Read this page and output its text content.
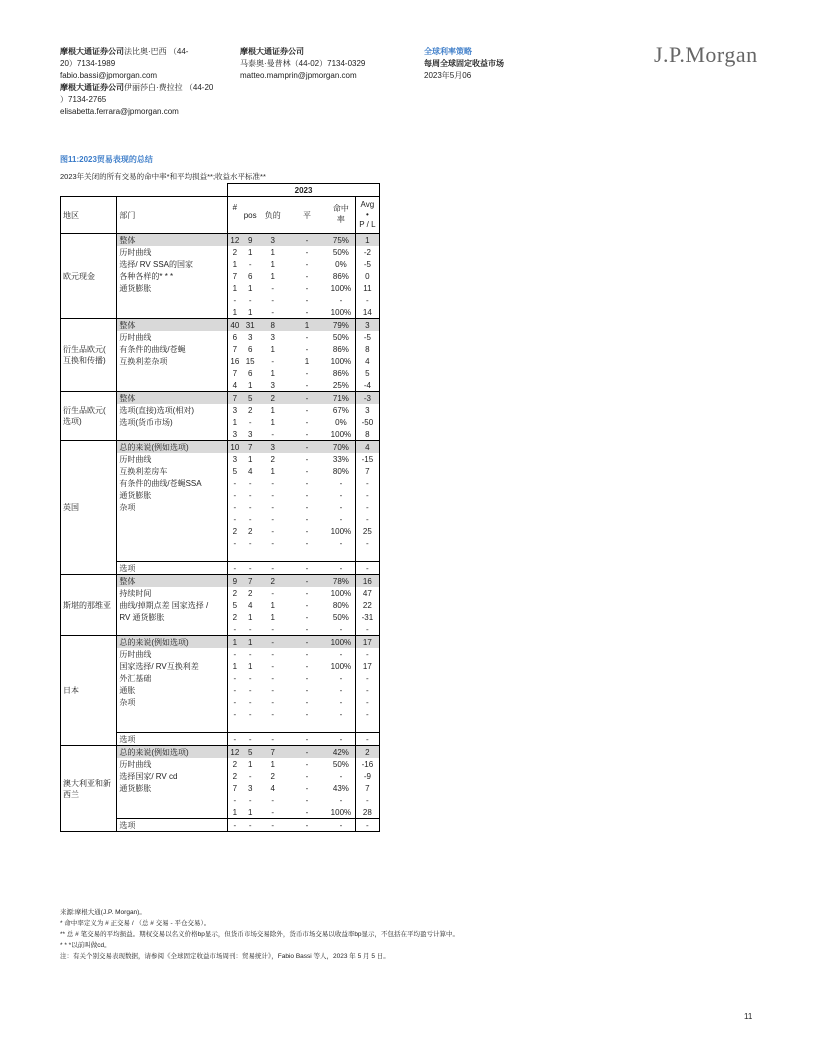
摩根大通证券公司法比奥·巴西 （44-
20）7134-1989
fabio.bassi@jpmorgan.com
摩根大通证券公司伊丽莎白·费拉拉 （44-20
）7134-2765
elisabetta.ferrara@jpmorgan.com
摩根大通证券公司
马泰奥·曼普林（44-02）7134-0329
matteo.mamprin@jpmorgan.com
全球利率策略
每周全球固定收益市场
2023年5月06
J.P.Morgan
图11:2023贸易表现的总结
2023年关闭的所有交易的命中率*和平均损益**;收益水平标准**
		2023					
地区	部门	#	pos	负的	平	命中率	Avg
•
P / L

欧元现金	整体	12	9	3	-	75%	1
	历时曲线	2	1	1	-	50%	-2
	选择/ RV SSA的国家	1	-	1	-	0%	-5
	各种各样的* * *	7	6	1	-	86%	0
	通货膨胀	1	1	-	-	100%	11
		-	-	-	-	-	-
		1	1	-	-	100%	14
衍生品欧元( 互换和传播)	整体	40	31	8	1	79%	3
	历时曲线	6	3	3	-	50%	-5
	有条件的曲线/苍蝇	7	6	1	-	86%	8
	互换利差杂项	16	15	-	1	100%	4
		7	6	1	-	86%	5
		4	1	3	-	25%	-4
衍生品欧元( 选项)	整体	7	5	2	-	71%	-3
	选项(直接)选项(相对)	3	2	1	-	67%	3
	选项(货币市场)	1	-	1	-	0%	-50
		3	3	-	-	100%	8
英国	总的来说(例如选项)	10	7	3	-	70%	4
	历时曲线	3	1	2	-	33%	-15
	互换利差房车	5	4	1	-	80%	7
	有条件的曲线/苍蝇SSA	-	-	-	-	-	-
	通货膨胀	-	-	-	-	-	-
	杂项	-	-	-	-	-	-
		-	-	-	-	-	-
		2	2	-	-	100%	25
		-	-	-	-	-	-

	选项	-	-	-	-	-	-
斯堪的那维亚	整体	9	7	2	-	78%	16
	持续时间	2	2	-	-	100%	47
	曲线/掉期点差 国家选择 /	5	4	1	-	80%	22
	RV 通货膨胀	2	1	1	-	50%	-31
		-	-	-	-	-	-
日本	总的来说(例如选项)	1	1	-	-	100%	17
	历时曲线	-	-	-	-	-	-
	国家选择/ RV互换利差	1	1	-	-	100%	17
	外汇基础	-	-	-	-	-	-
	通胀	-	-	-	-	-	-
	杂项	-	-	-	-	-	-
		-	-	-	-	-	-

	选项	-	-	-	-	-	-
澳大利亚和新 西兰	总的来说(例如选项)	12	5	7	-	42%	2
	历时曲线	2	1	1	-	50%	-16
	选择国家/ RV cd	2	-	2	-	-	-9
	通货膨胀	7	3	4	-	43%	7
		-	-	-	-	-	-
		1	1	-	-	100%	28
	选项	-	-	-	-	-	-
来源:摩根大通(J.P. Morgan)。
* 命中率定义为 # 正交易 / （总 # 交易 - 平仓交易）。
** 总 # 笔交易的平均损益。期权交易以名义价格bp显示，但货币市场交易除外，货币市场交易以收益率bp显示，不包括在平均盈亏计算中。
* * *以前叫做cd。
注：有关个别交易表现数据，请参阅《全球固定收益市场周刊：贸易统计》，Fabio Bassi 等人，2023 年 5 月 5 日。
11
